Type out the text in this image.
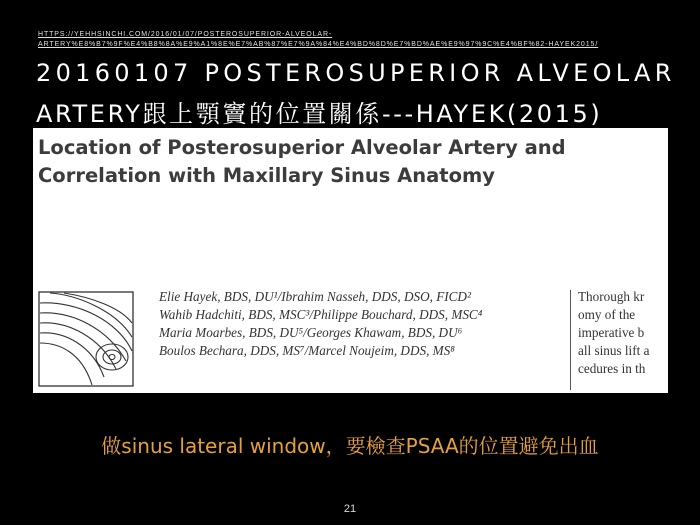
HTTPS://YEHHSINCHI.COM/2016/01/07/POSTEROSUPERIOR-ALVEOLAR-
ARTERY%E8%B7%9F%E4%B8%8A%E9%A1%8E%E7%AB%87%E7%9A%84%E4%BD%8D%E7%BD%AE%E9%97%9C%E4%BF%82-HAYEK2015/
20160107 POSTEROSUPERIOR ALVEOLAR
ARTERY跟上顎竇的位置關係---HAYEK(2015)
Location of Posterosuperior Alveolar Artery and
Correlation with Maxillary Sinus Anatomy
Elie Hayek, BDS, DU¹/Ibrahim Nasseh, DDS, DSO, FICD²
Wahib Hadchiti, BDS, MSC³/Philippe Bouchard, DDS, MSC⁴
Maria Moarbes, BDS, DU⁵/Georges Khawam, BDS, DU⁶
Boulos Bechara, DDS, MS⁷/Marcel Noujeim, DDS, MS⁸
Thorough kr
omy of the
imperative b
all sinus lift a
cedures in th
做sinus lateral window，要檢查PSAA的位置避免出血
21
